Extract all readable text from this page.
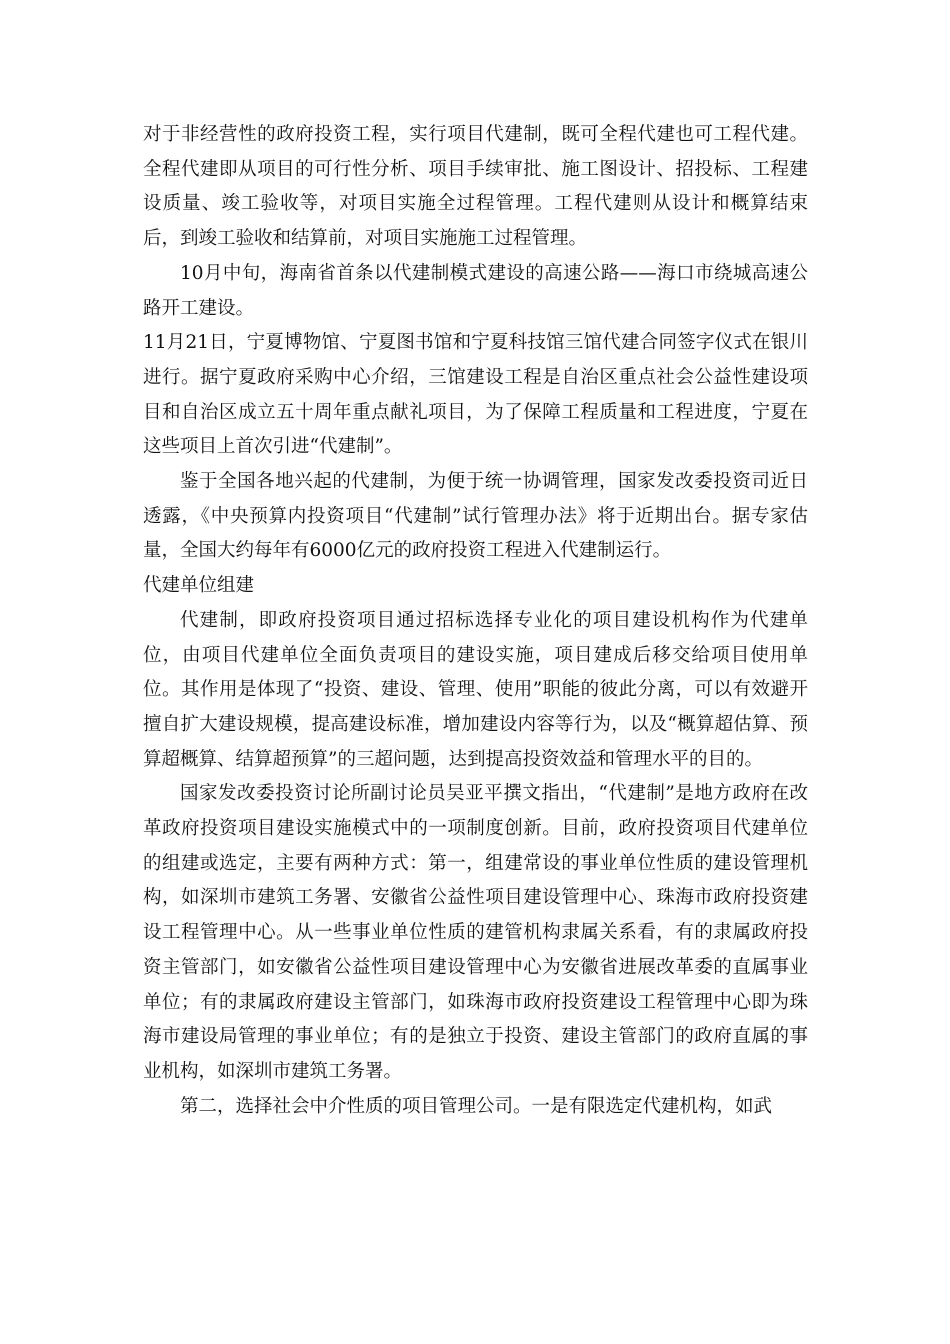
对于非经营性的政府投资工程，实行项目代建制，既可全程代建也可工程代建。全程代建即从项目的可行性分析、项目手续审批、施工图设计、招投标、工程建设质量、竣工验收等，对项目实施全过程管理。工程代建则从设计和概算结束后，到竣工验收和结算前，对项目实施施工过程管理。

10月中旬，海南省首条以代建制模式建设的高速公路——海口市绕城高速公路开工建设。

11月21日，宁夏博物馆、宁夏图书馆和宁夏科技馆三馆代建合同签字仪式在银川进行。据宁夏政府采购中心介绍，三馆建设工程是自治区重点社会公益性建设项目和自治区成立五十周年重点献礼项目，为了保障工程质量和工程进度，宁夏在这些项目上首次引进“代建制”。

鉴于全国各地兴起的代建制，为便于统一协调管理，国家发改委投资司近日透露，《中央预算内投资项目“代建制”试行管理办法》将于近期出台。据专家估量，全国大约每年有6000亿元的政府投资工程进入代建制运行。

代建单位组建

代建制，即政府投资项目通过招标选择专业化的项目建设机构作为代建单位，由项目代建单位全面负责项目的建设实施，项目建成后移交给项目使用单位。其作用是体现了“投资、建设、管理、使用”职能的彼此分离，可以有效避开擅自扩大建设规模，提高建设标准，增加建设内容等行为，以及“概算超估算、预算超概算、结算超预算”的三超问题，达到提高投资效益和管理水平的目的。

国家发改委投资讨论所副讨论员吴亚平撰文指出，“代建制”是地方政府在改革政府投资项目建设实施模式中的一项制度创新。目前，政府投资项目代建单位的组建或选定，主要有两种方式：第一，组建常设的事业单位性质的建设管理机构，如深圳市建筑工务署、安徽省公益性项目建设管理中心、珠海市政府投资建设工程管理中心。从一些事业单位性质的建管机构隶属关系看，有的隶属政府投资主管部门，如安徽省公益性项目建设管理中心为安徽省进展改革委的直属事业单位；有的隶属政府建设主管部门，如珠海市政府投资建设工程管理中心即为珠海市建设局管理的事业单位；有的是独立于投资、建设主管部门的政府直属的事业机构，如深圳市建筑工务署。

第二，选择社会中介性质的项目管理公司。一是有限选定代建机构，如武
